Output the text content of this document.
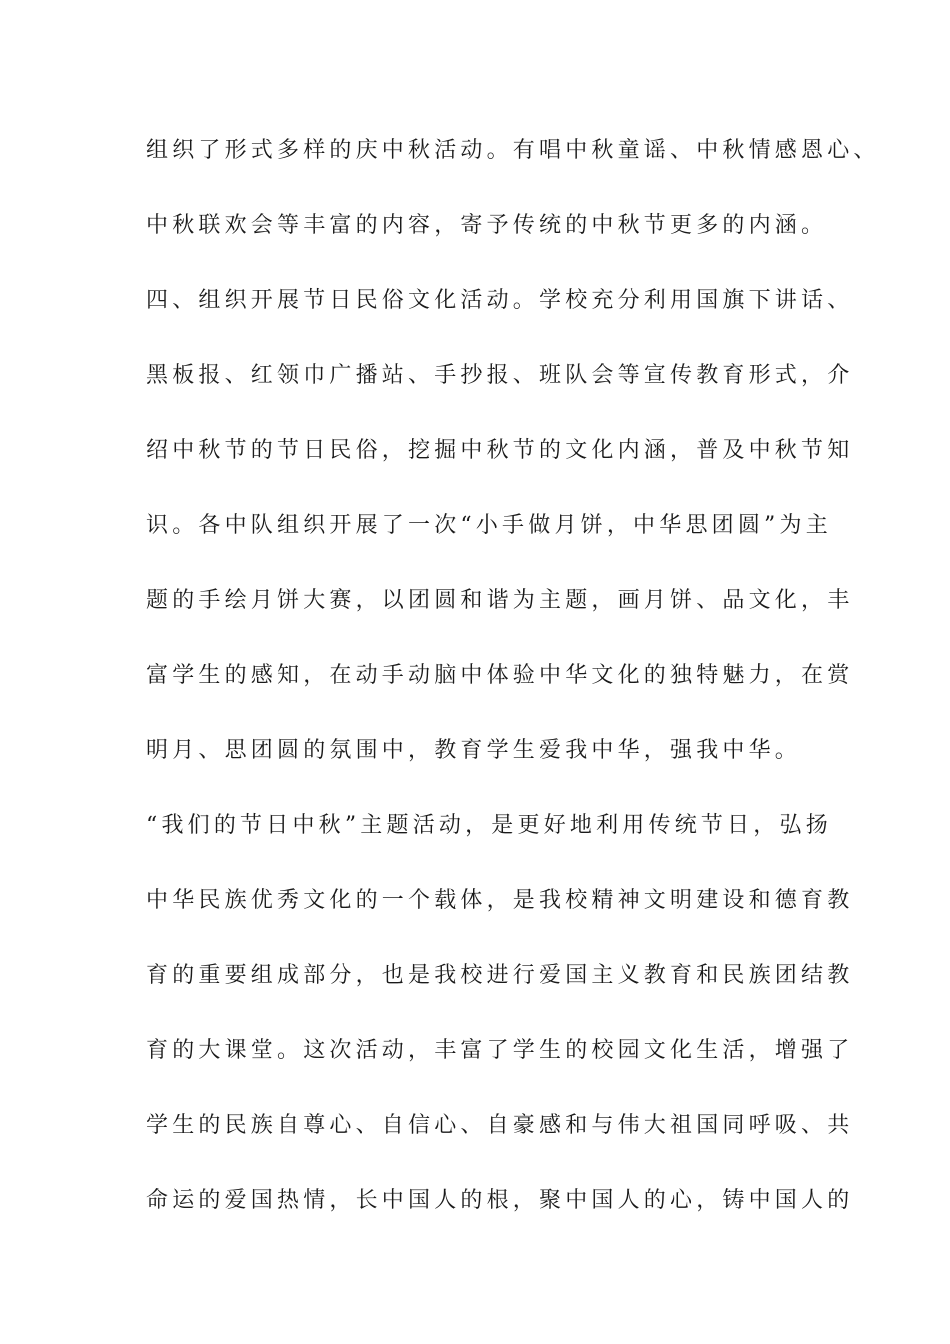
组织了形式多样的庆中秋活动。有唱中秋童谣、中秋情感恩心、
中秋联欢会等丰富的内容，寄予传统的中秋节更多的内涵。
四、组织开展节日民俗文化活动。学校充分利用国旗下讲话、
黑板报、红领巾广播站、手抄报、班队会等宣传教育形式，介
绍中秋节的节日民俗，挖掘中秋节的文化内涵，普及中秋节知
识。各中队组织开展了一次“小手做月饼，中华思团圆”为主
题的手绘月饼大赛，以团圆和谐为主题，画月饼、品文化，丰
富学生的感知，在动手动脑中体验中华文化的独特魅力，在赏
明月、思团圆的氛围中，教育学生爱我中华，强我中华。
“我们的节日中秋”主题活动，是更好地利用传统节日，弘扬
中华民族优秀文化的一个载体，是我校精神文明建设和德育教
育的重要组成部分，也是我校进行爱国主义教育和民族团结教
育的大课堂。这次活动，丰富了学生的校园文化生活，增强了
学生的民族自尊心、自信心、自豪感和与伟大祖国同呼吸、共
命运的爱国热情，长中国人的根，聚中国人的心，铸中国人的
